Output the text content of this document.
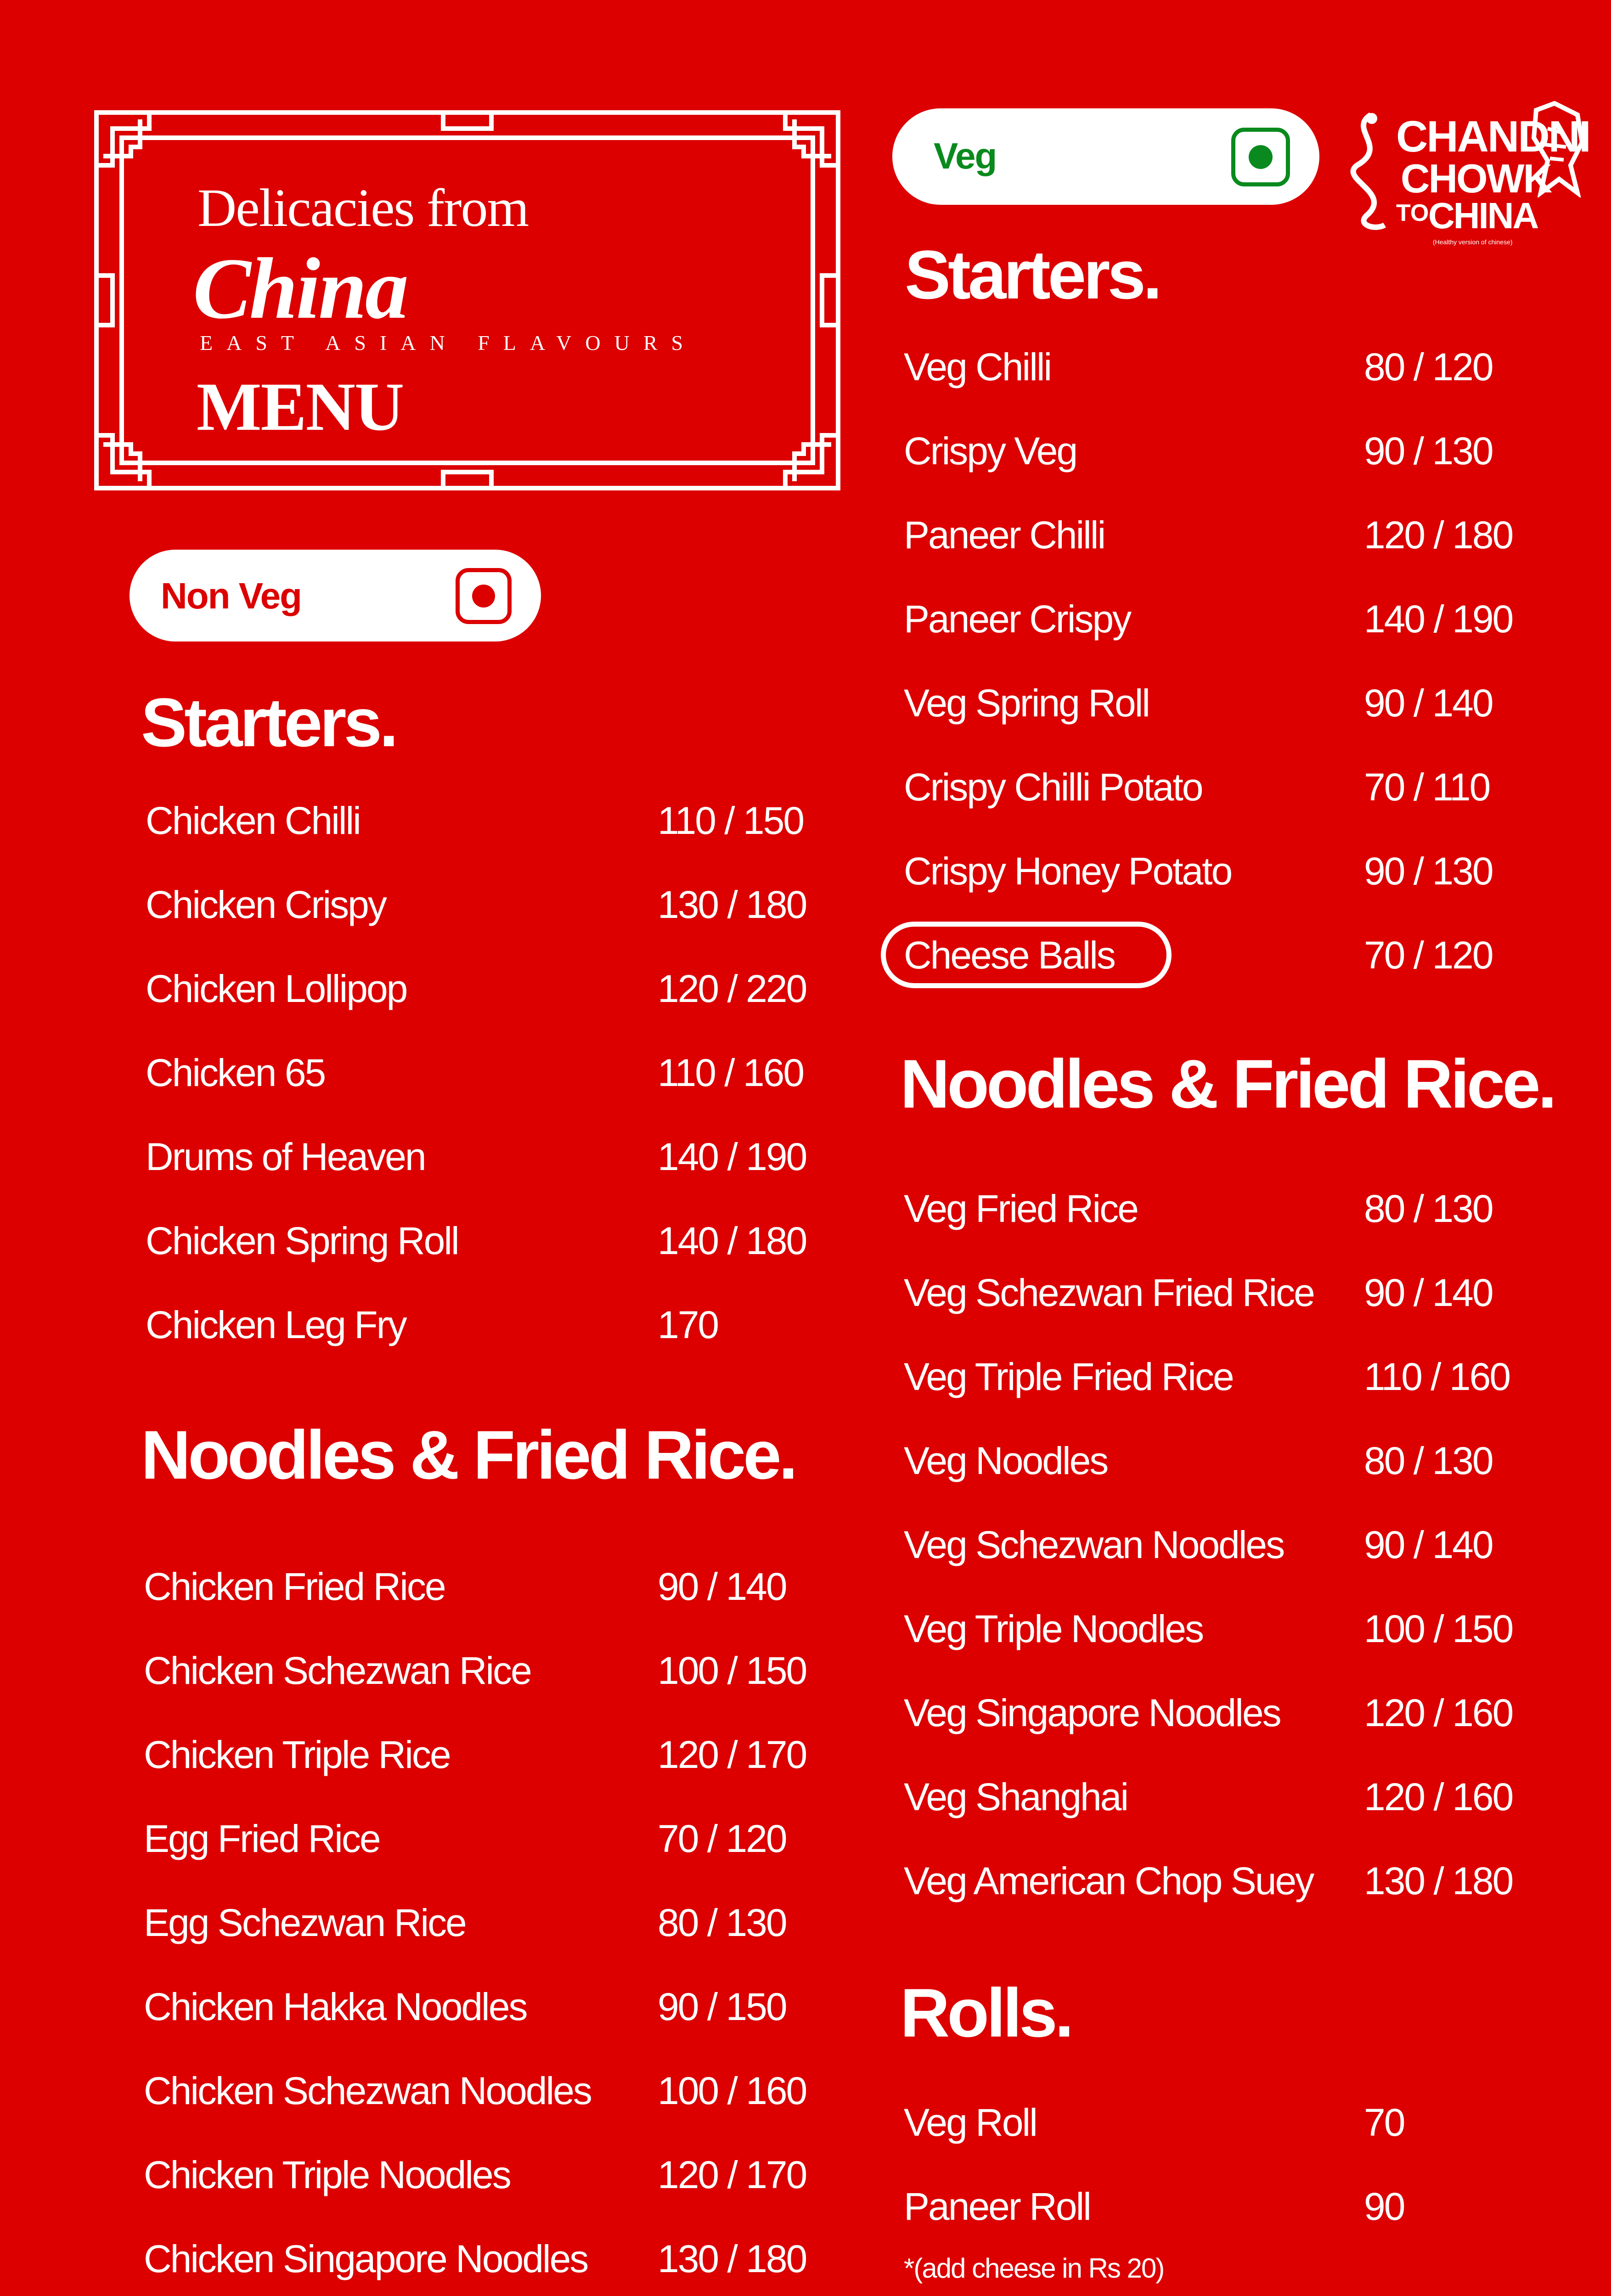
Delicacies from
China
EAST ASIAN FLAVOURS
MENU
Non Veg
Veg	CHANDNI
CHOWK
TO
CHINA
(Healthy version of chinese)
Starters.
Noodles & Fried Rice.
Starters.
Noodles & Fried Rice.
Rolls.
*(add cheese in Rs 20)
Chicken Chilli	110 / 150
Chicken Crispy	130 / 180
Chicken Lollipop	120 / 220
Chicken 65	110 / 160
Drums of Heaven	140 / 190
Chicken Spring Roll	140 / 180
Chicken Leg Fry	170
Chicken Fried Rice	90 / 140
Chicken Schezwan Rice	100 / 150
Chicken Triple Rice	120 / 170
Egg Fried Rice	70 / 120
Egg Schezwan Rice	80 / 130
Chicken Hakka Noodles	90 / 150
Chicken Schezwan Noodles 100 / 160
Chicken Triple Noodles	120 / 170
Chicken Singapore Noodles 130 / 180
Veg Chilli	80 / 120
Crispy Veg	90 / 130
Paneer Chilli	120 / 180
Paneer Crispy	140 / 190
Veg Spring Roll	90 / 140
Crispy Chilli Potato	70 / 110
Crispy Honey Potato	90 / 130
Cheese Balls	70 / 120
Veg Fried Rice	80 / 130
Veg Schezwan Fried Rice 90 / 140
Veg Triple Fried Rice	110 / 160
Veg Noodles	80 / 130
Veg Schezwan Noodles 90 / 140
Veg Triple Noodles	100 / 150
Veg Singapore Noodles 120 / 160
Veg Shanghai	120 / 160
Veg American Chop Suey 130 / 180
Veg Roll	70
Paneer Roll	90
